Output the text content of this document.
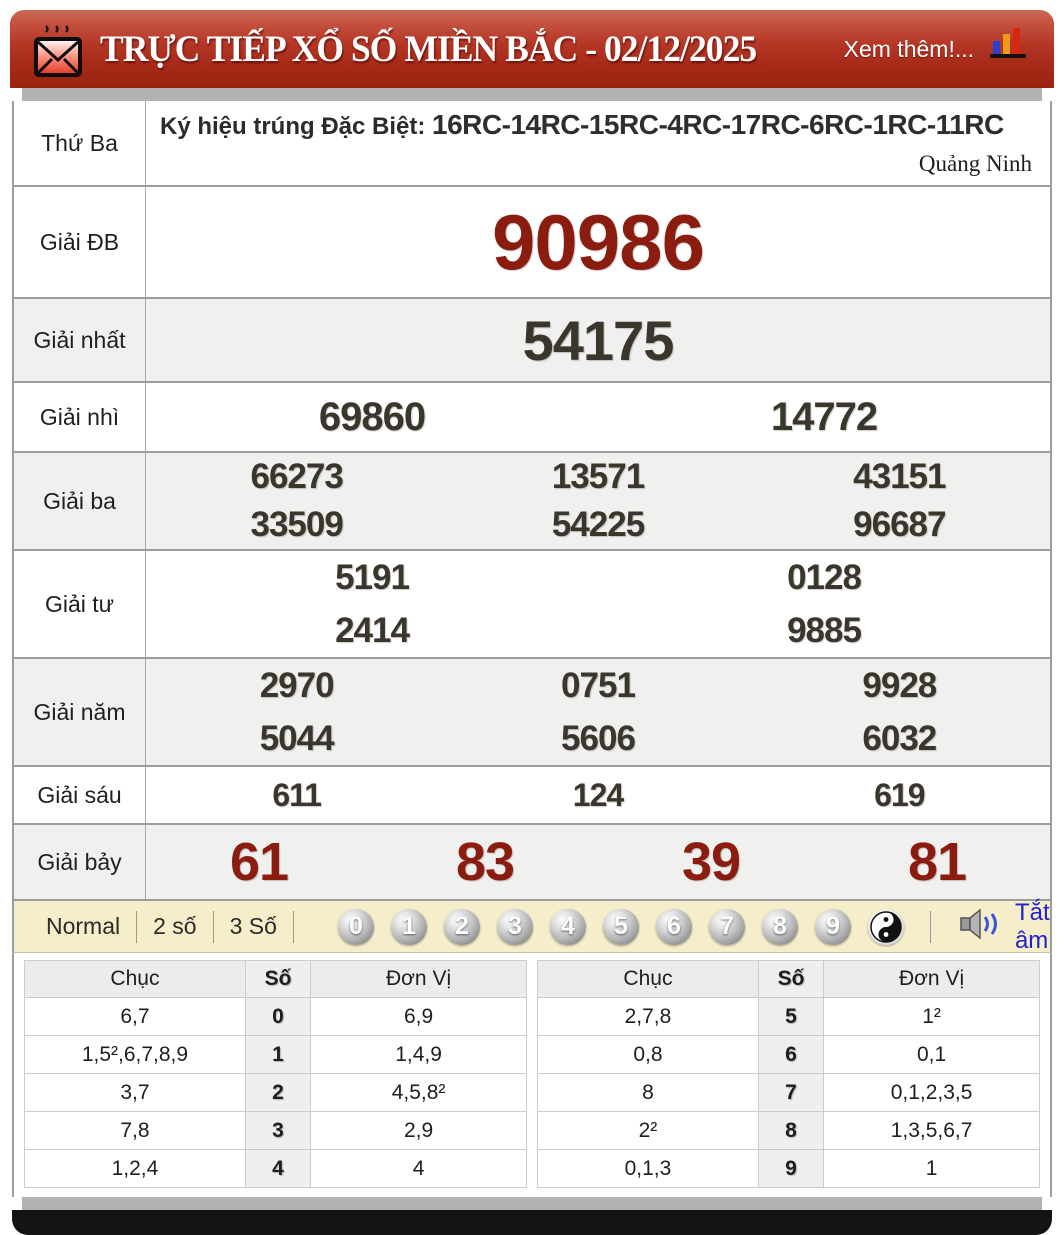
TRỰC TIẾP XỔ SỐ MIỀN BẮC - 02/12/2025	Xem thêm!...
Thứ Ba
Ký hiệu trúng Đặc Biệt: 16RC-14RC-15RC-4RC-17RC-6RC-1RC-11RC
Quảng Ninh
Giải ĐB	90986
Giải nhất	54175
Giải nhì	69860	14772
Giải ba
66273	13571	43151
33509	54225	96687
Giải tư
5191	0128
2414	9885
Giải năm
2970	0751	9928
5044	5606	6032
Giải sáu	611	124	619
Giải bảy	61	83	39	81
Normal	2 số	3 Số	0	1	2	3	4	5	6	7	8	9	Tắt âm
Chục	Số	Đơn Vị
6,7	0	6,9
1,5²,6,7,8,9	1	1,4,9
3,7	2	4,5,8²
7,8	3	2,9
1,2,4	4	4
Chục	Số	Đơn Vị
2,7,8	5	1²
0,8	6	0,1
8	7	0,1,2,3,5
2²	8	1,3,5,6,7
0,1,3	9	1
